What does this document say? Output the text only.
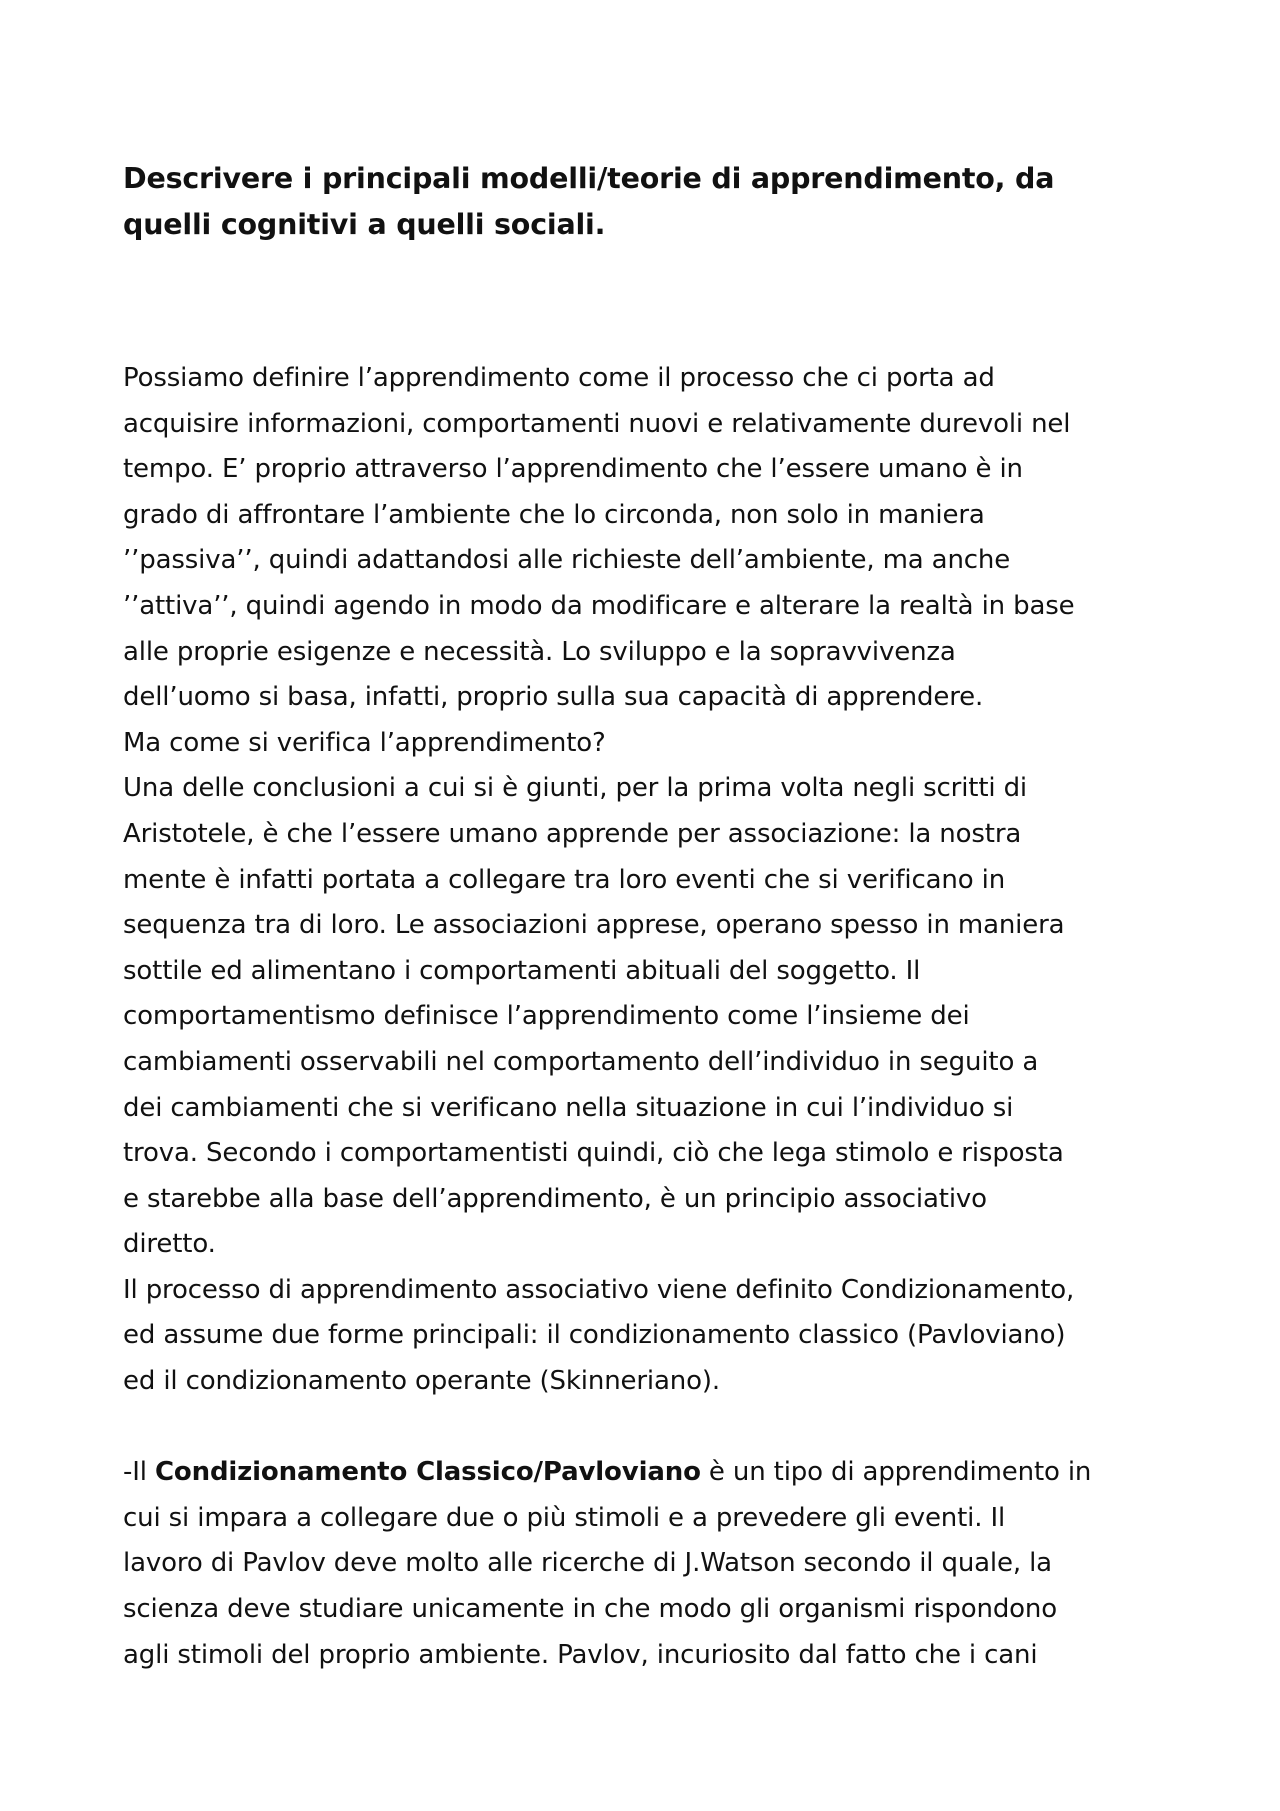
Descrivere i principali modelli/teorie di apprendimento, da
quelli cognitivi a quelli sociali.
Possiamo definire l’apprendimento come il processo che ci porta ad
acquisire informazioni, comportamenti nuovi e relativamente durevoli nel
tempo. E’ proprio attraverso l’apprendimento che l’essere umano è in
grado di affrontare l’ambiente che lo circonda, non solo in maniera
’’passiva’’, quindi adattandosi alle richieste dell’ambiente, ma anche
’’attiva’’, quindi agendo in modo da modificare e alterare la realtà in base
alle proprie esigenze e necessità. Lo sviluppo e la sopravvivenza
dell’uomo si basa, infatti, proprio sulla sua capacità di apprendere.
Ma come si verifica l’apprendimento?
Una delle conclusioni a cui si è giunti, per la prima volta negli scritti di
Aristotele, è che l’essere umano apprende per associazione: la nostra
mente è infatti portata a collegare tra loro eventi che si verificano in
sequenza tra di loro. Le associazioni apprese, operano spesso in maniera
sottile ed alimentano i comportamenti abituali del soggetto. Il
comportamentismo definisce l’apprendimento come l’insieme dei
cambiamenti osservabili nel comportamento dell’individuo in seguito a
dei cambiamenti che si verificano nella situazione in cui l’individuo si
trova. Secondo i comportamentisti quindi, ciò che lega stimolo e risposta
e starebbe alla base dell’apprendimento, è un principio associativo
diretto.
Il processo di apprendimento associativo viene definito Condizionamento,
ed assume due forme principali: il condizionamento classico (Pavloviano)
ed il condizionamento operante (Skinneriano).
-Il Condizionamento Classico/Pavloviano è un tipo di apprendimento in
cui si impara a collegare due o più stimoli e a prevedere gli eventi. Il
lavoro di Pavlov deve molto alle ricerche di J.Watson secondo il quale, la
scienza deve studiare unicamente in che modo gli organismi rispondono
agli stimoli del proprio ambiente. Pavlov, incuriosito dal fatto che i cani
